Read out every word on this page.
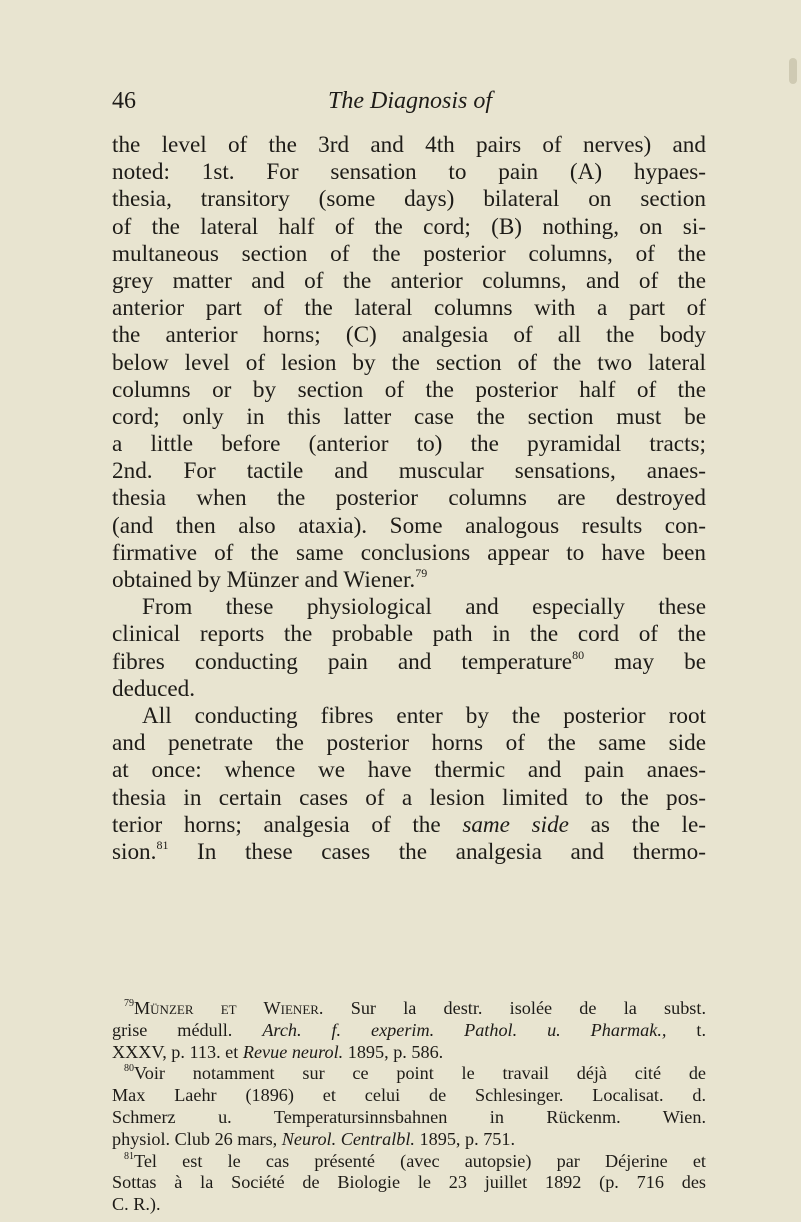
46	The Diagnosis of
the level of the 3rd and 4th pairs of nerves) and
noted: 1st. For sensation to pain (A) hypaes-
thesia, transitory (some days) bilateral on section
of the lateral half of the cord; (B) nothing, on si-
multaneous section of the posterior columns, of the
grey matter and of the anterior columns, and of the
anterior part of the lateral columns with a part of
the anterior horns; (C) analgesia of all the body
below level of lesion by the section of the two lateral
columns or by section of the posterior half of the
cord; only in this latter case the section must be
a little before (anterior to) the pyramidal tracts;
2nd. For tactile and muscular sensations, anaes-
thesia when the posterior columns are destroyed
(and then also ataxia). Some analogous results con-
firmative of the same conclusions appear to have been
obtained by Münzer and Wiener.$^{79}$
From these physiological and especially these
clinical reports the probable path in the cord of the
fibres conducting pain and temperature$^{80}$ may be
deduced.
All conducting fibres enter by the posterior root
and penetrate the posterior horns of the same side
at once: whence we have thermic and pain anaes-
thesia in certain cases of a lesion limited to the pos-
terior horns; analgesia of the same side as the le-
sion.$^{81}$ In these cases the analgesia and thermo-
$^{79}$Münzer et Wiener. Sur la destr. isolée de la subst.
grise médull. Arch. f. experim. Pathol. u. Pharmak., t.
XXXV, p. 113. et Revue neurol. 1895, p. 586.
$^{80}$Voir notamment sur ce point le travail déjà cité de
Max Laehr (1896) et celui de Schlesinger. Localisat. d.
Schmerz u. Temperatursinnsbahnen in Rückenm. Wien.
physiol. Club 26 mars, Neurol. Centralbl. 1895, p. 751.
$^{81}$Tel est le cas présenté (avec autopsie) par Déjerine et
Sottas à la Société de Biologie le 23 juillet 1892 (p. 716 des
C. R.).
